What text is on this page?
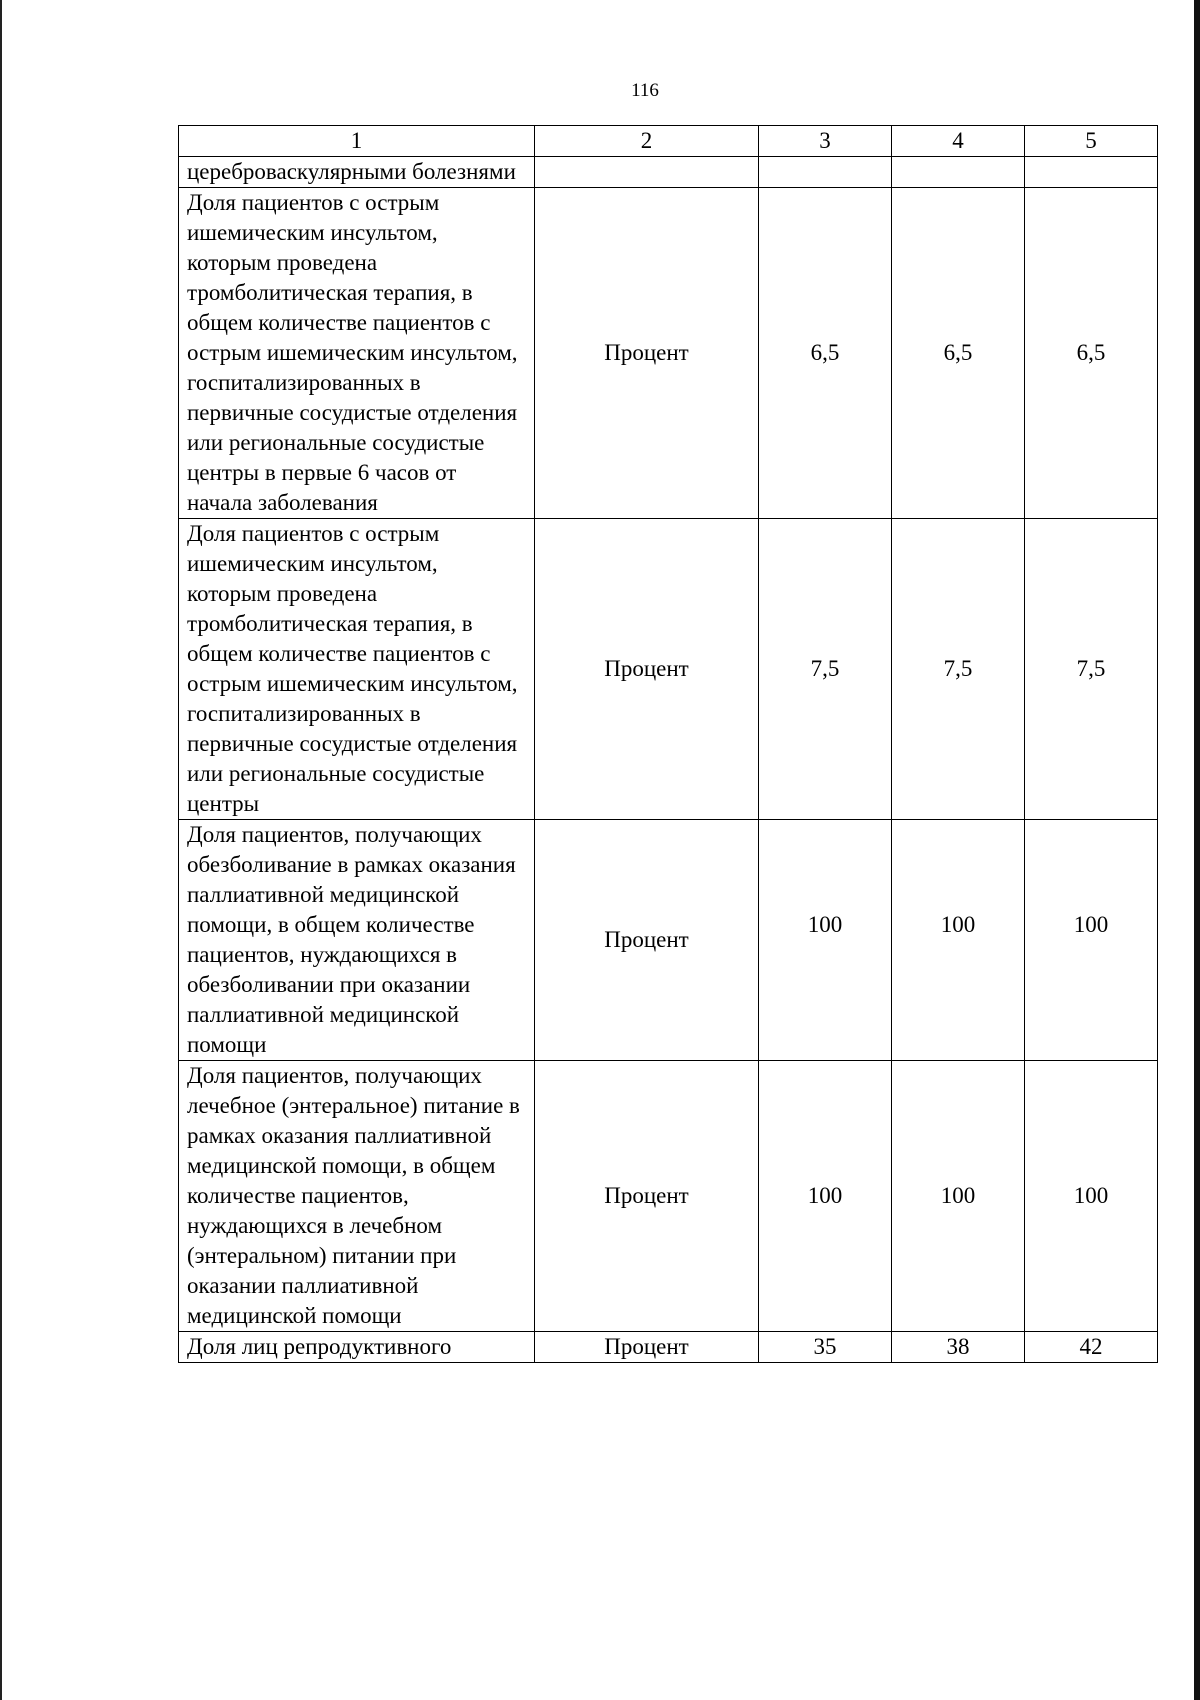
116
1	2	3	4	5
цереброваскулярными болезнями				
Доля пациентов с острым ишемическим инсультом, которым проведена тромболитическая терапия, в общем количестве пациентов с острым ишемическим инсультом, госпитализированных в первичные сосудистые отделения или региональные сосудистые центры в первые 6 часов от начала заболевания	Процент	6,5	6,5	6,5
Доля пациентов с острым ишемическим инсультом, которым проведена тромболитическая терапия, в общем количестве пациентов с острым ишемическим инсультом, госпитализированных в первичные сосудистые отделения или региональные сосудистые центры	Процент	7,5	7,5	7,5
Доля пациентов, получающих обезболивание в рамках оказания паллиативной медицинской помощи, в общем количестве пациентов, нуждающихся в обезболивании при оказании паллиативной медицинской помощи	Процент	100	100	100
Доля пациентов, получающих лечебное (энтеральное) питание в рамках оказания паллиативной медицинской помощи, в общем количестве пациентов, нуждающихся в лечебном (энтеральном) питании при оказании паллиативной медицинской помощи	Процент	100	100	100
Доля лиц репродуктивного	Процент	35	38	42
